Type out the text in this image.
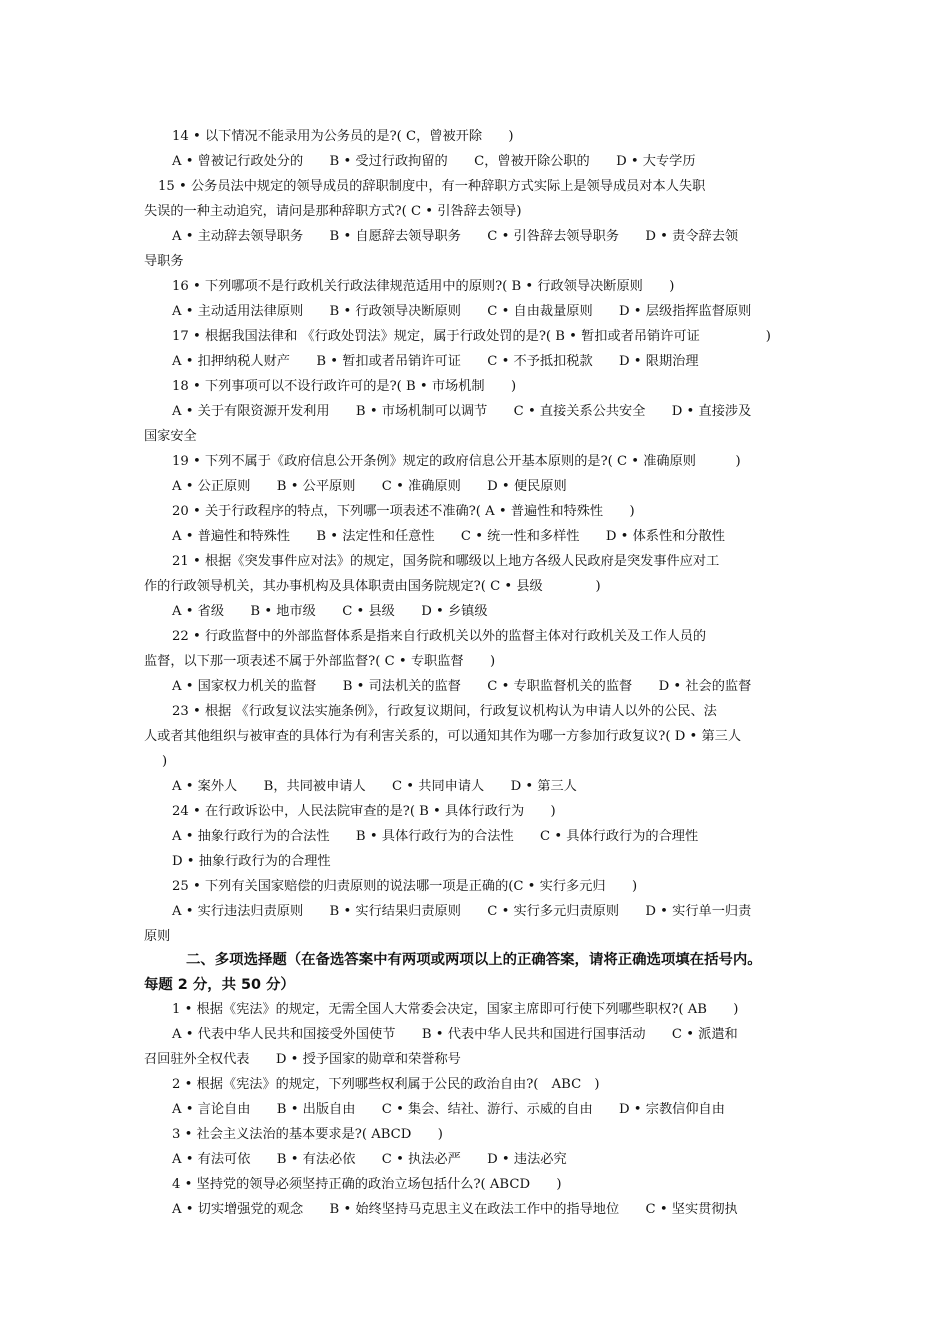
14 • 以下情况不能录用为公务员的是?( C，曾被开除　　)
A • 曾被记行政处分的　　B • 受过行政拘留的　　C，曾被开除公职的　　D • 大专学历
15 • 公务员法中规定的领导成员的辞职制度中，有一种辞职方式实际上是领导成员对本人失职
失误的一种主动追究，请问是那种辞职方式?( C • 引咎辞去领导)
A • 主动辞去领导职务　　B • 自愿辞去领导职务　　C • 引咎辞去领导职务　　D • 责令辞去领
导职务
16 • 下列哪项不是行政机关行政法律规范适用中的原则?( B • 行政领导决断原则　　)
A • 主动适用法律原则　　B • 行政领导决断原则　　C • 自由裁量原则　　D • 层级指挥监督原则
17 • 根据我国法律和 《行政处罚法》规定，属于行政处罚的是?( B • 暂扣或者吊销许可证　　　　　)
A • 扣押纳税人财产　　B • 暂扣或者吊销许可证　　C • 不予抵扣税款　　D • 限期治理
18 • 下列事项可以不设行政许可的是?( B • 市场机制　　)
A • 关于有限资源开发利用　　B • 市场机制可以调节　　C • 直接关系公共安全　　D • 直接涉及
国家安全
19 • 下列不属于《政府信息公开条例》规定的政府信息公开基本原则的是?( C • 准确原则　　　)
A • 公正原则　　B • 公平原则　　C • 准确原则　　D • 便民原则
20 • 关于行政程序的特点，下列哪一项表述不准确?( A • 普遍性和特殊性　　)
A • 普遍性和特殊性　　B • 法定性和任意性　　C • 统一性和多样性　　D • 体系性和分散性
21 • 根据《突发事件应对法》的规定，国务院和哪级以上地方各级人民政府是突发事件应对工
作的行政领导机关，其办事机构及具体职责由国务院规定?( C • 县级　　　　)
A • 省级　　B • 地市级　　C • 县级　　D • 乡镇级
22 • 行政监督中的外部监督体系是指来自行政机关以外的监督主体对行政机关及工作人员的
监督，以下那一项表述不属于外部监督?( C • 专职监督　　)
A • 国家权力机关的监督　　B • 司法机关的监督　　C • 专职监督机关的监督　　D • 社会的监督
23 • 根据 《行政复议法实施条例》，行政复议期间，行政复议机构认为申请人以外的公民、法
人或者其他组织与被审查的具体行为有利害关系的，可以通知其作为哪一方参加行政复议?( D • 第三人
)
A • 案外人　　B，共同被申请人　　C • 共同申请人　　D • 第三人
24 • 在行政诉讼中，人民法院审查的是?( B • 具体行政行为　　)
A • 抽象行政行为的合法性　　B • 具体行政行为的合法性　　C • 具体行政行为的合理性
D • 抽象行政行为的合理性
25 • 下列有关国家赔偿的归责原则的说法哪一项是正确的(C • 实行多元归　　)
A • 实行违法归责原则　　B • 实行结果归责原则　　C • 实行多元归责原则　　D • 实行单一归责
原则
二、多项选择题（在备选答案中有两项或两项以上的正确答案，请将正确选项填在括号内。
每题 2 分，共 50 分）
1 • 根据《宪法》的规定，无需全国人大常委会决定，国家主席即可行使下列哪些职权?( AB　　)
A • 代表中华人民共和国接受外国使节　　B • 代表中华人民共和国进行国事活动　　C • 派遣和
召回驻外全权代表　　D • 授予国家的勋章和荣誉称号
2 • 根据《宪法》的规定，下列哪些权利属于公民的政治自由?(　ABC　)
A • 言论自由　　B • 出版自由　　C • 集会、结社、游行、示威的自由　　D • 宗教信仰自由
3 • 社会主义法治的基本要求是?( ABCD　　)
A • 有法可依　　B • 有法必依　　C • 执法必严　　D • 违法必究
4 • 坚持党的领导必须坚持正确的政治立场包括什么?( ABCD　　)
A • 切实增强党的观念　　B • 始终坚持马克思主义在政法工作中的指导地位　　C • 坚实贯彻执
